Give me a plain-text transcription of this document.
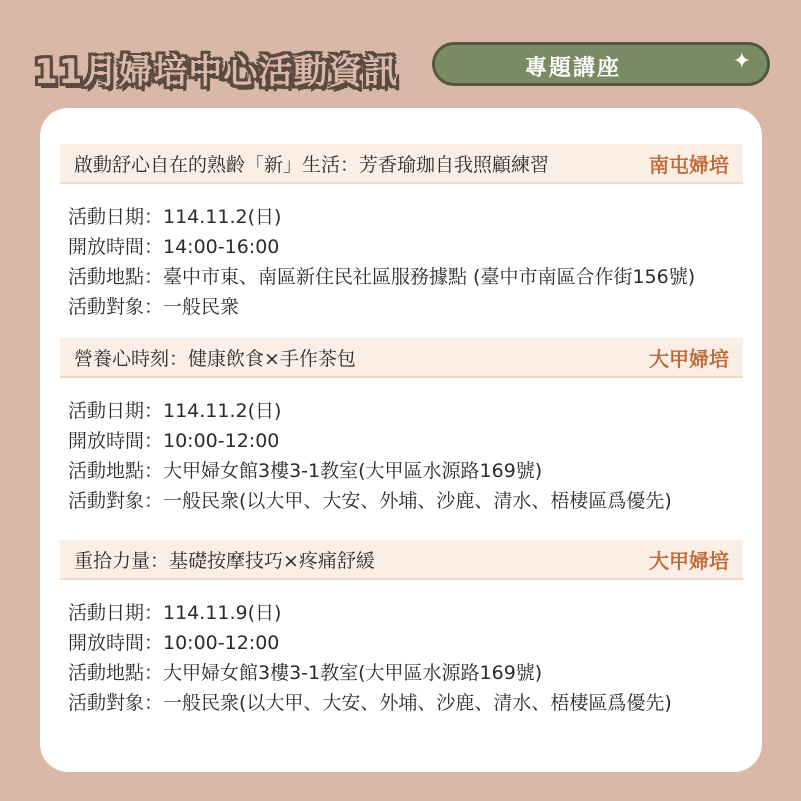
11月婦培中心活動資訊	專題講座	✦
啟動舒心自在的熟齡「新」生活：芳香瑜珈自我照顧練習	南屯婦培
活動日期：114.11.2(日)
開放時間：14:00-16:00
活動地點：臺中市東、南區新住民社區服務據點 (臺中市南區合作街156號)
活動對象：一般民衆
營養心時刻：健康飲食×手作茶包	大甲婦培
活動日期：114.11.2(日)
開放時間：10:00-12:00
活動地點：大甲婦女館3樓3-1教室(大甲區水源路169號)
活動對象：一般民衆(以大甲、大安、外埔、沙鹿、清水、梧棲區爲優先)
重拾力量：基礎按摩技巧×疼痛舒緩	大甲婦培
活動日期：114.11.9(日)
開放時間：10:00-12:00
活動地點：大甲婦女館3樓3-1教室(大甲區水源路169號)
活動對象：一般民衆(以大甲、大安、外埔、沙鹿、清水、梧棲區爲優先)
